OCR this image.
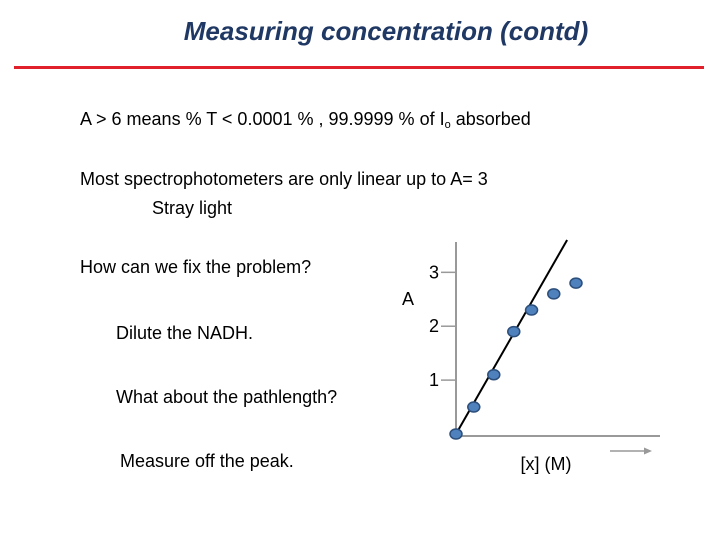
Measuring concentration (contd)
A > 6 means % T < 0.0001 % , 99.9999 % of $I_o$ absorbed
Most spectrophotometers are only linear up to A= 3
Stray light
How can we fix the problem?
Dilute the NADH.
What about the pathlength?
Measure off the peak.
A
[x] (M)
1
2
3
